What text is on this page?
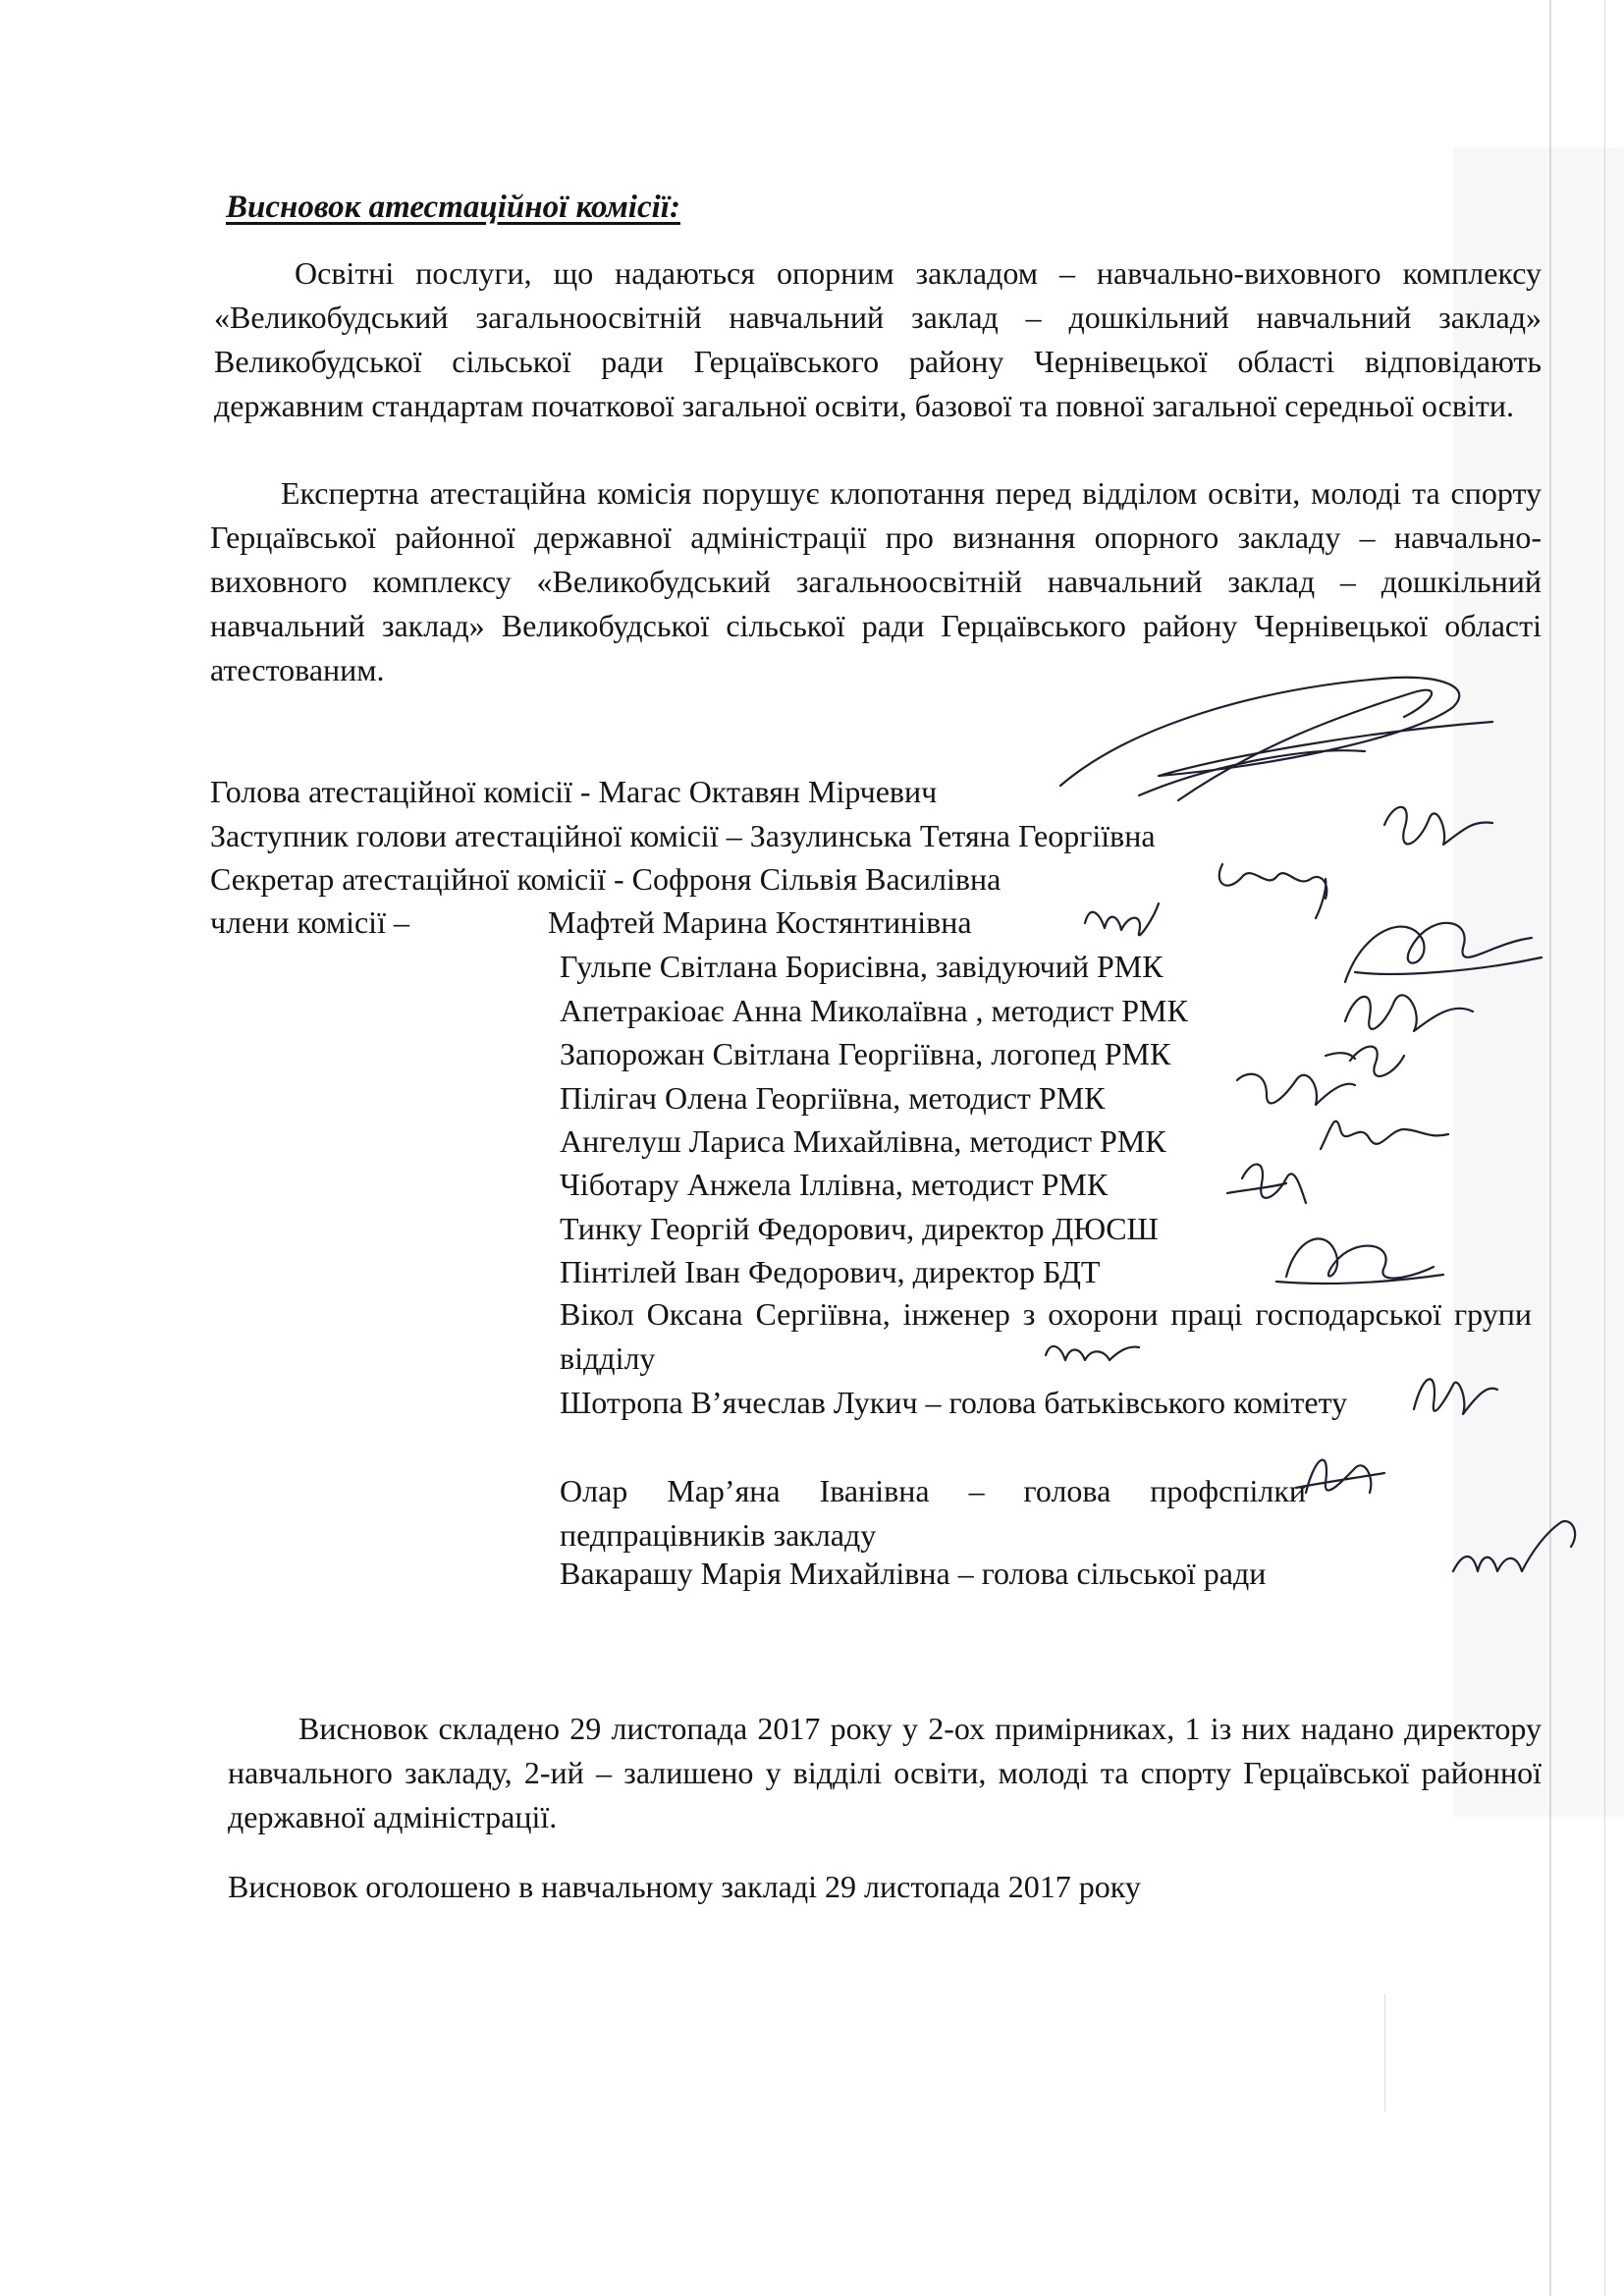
Висновок атестаційної комісії:
Освітні послуги, що надаються опорним закладом – навчально-виховного комплексу «Великобудський загальноосвітній навчальний заклад – дошкільний навчальний заклад» Великобудської сільської ради Герцаївського району Чернівецької області відповідають державним стандартам початкової загальної освіти, базової та повної загальної середньої освіти.
Експертна атестаційна комісія порушує клопотання перед відділом освіти, молоді та спорту Герцаївської районної державної адміністрації про визнання опорного закладу – навчально-виховного комплексу «Великобудський загальноосвітній навчальний заклад – дошкільний навчальний заклад» Великобудської сільської ради Герцаївського району Чернівецької області атестованим.
Голова атестаційної комісії - Магас Октавян Мірчевич
Заступник голови атестаційної комісії – Зазулинська Тетяна Георгіївна
Секретар атестаційної комісії - Софроня Сільвія Василівна
члени комісії –	Мафтей Марина Костянтинівна
Гульпе Світлана Борисівна, завідуючий РМК
Апетракіоає Анна Миколаївна , методист РМК
Запорожан Світлана Георгіївна, логопед РМК
Пілігач Олена Георгіївна, методист РМК
Ангелуш Лариса Михайлівна, методист РМК
Чіботару Анжела Іллівна, методист РМК
Тинку Георгій Федорович, директор ДЮСШ
Пінтілей Іван Федорович, директор БДТ
Вікол Оксана Сергіївна, інженер з охорони праці господарської групи відділу
Шотропа В’ячеслав Лукич – голова батьківського комітету
Олар Мар’яна Іванівна – голова профспілки педпрацівників закладу
Вакарашу Марія Михайлівна – голова сільської ради
Висновок складено 29 листопада 2017 року у 2-ох примірниках, 1 із них надано директору навчального закладу, 2-ий – залишено у відділі освіти, молоді та спорту Герцаївської районної державної адміністрації.
Висновок оголошено в навчальному закладі 29 листопада 2017 року
